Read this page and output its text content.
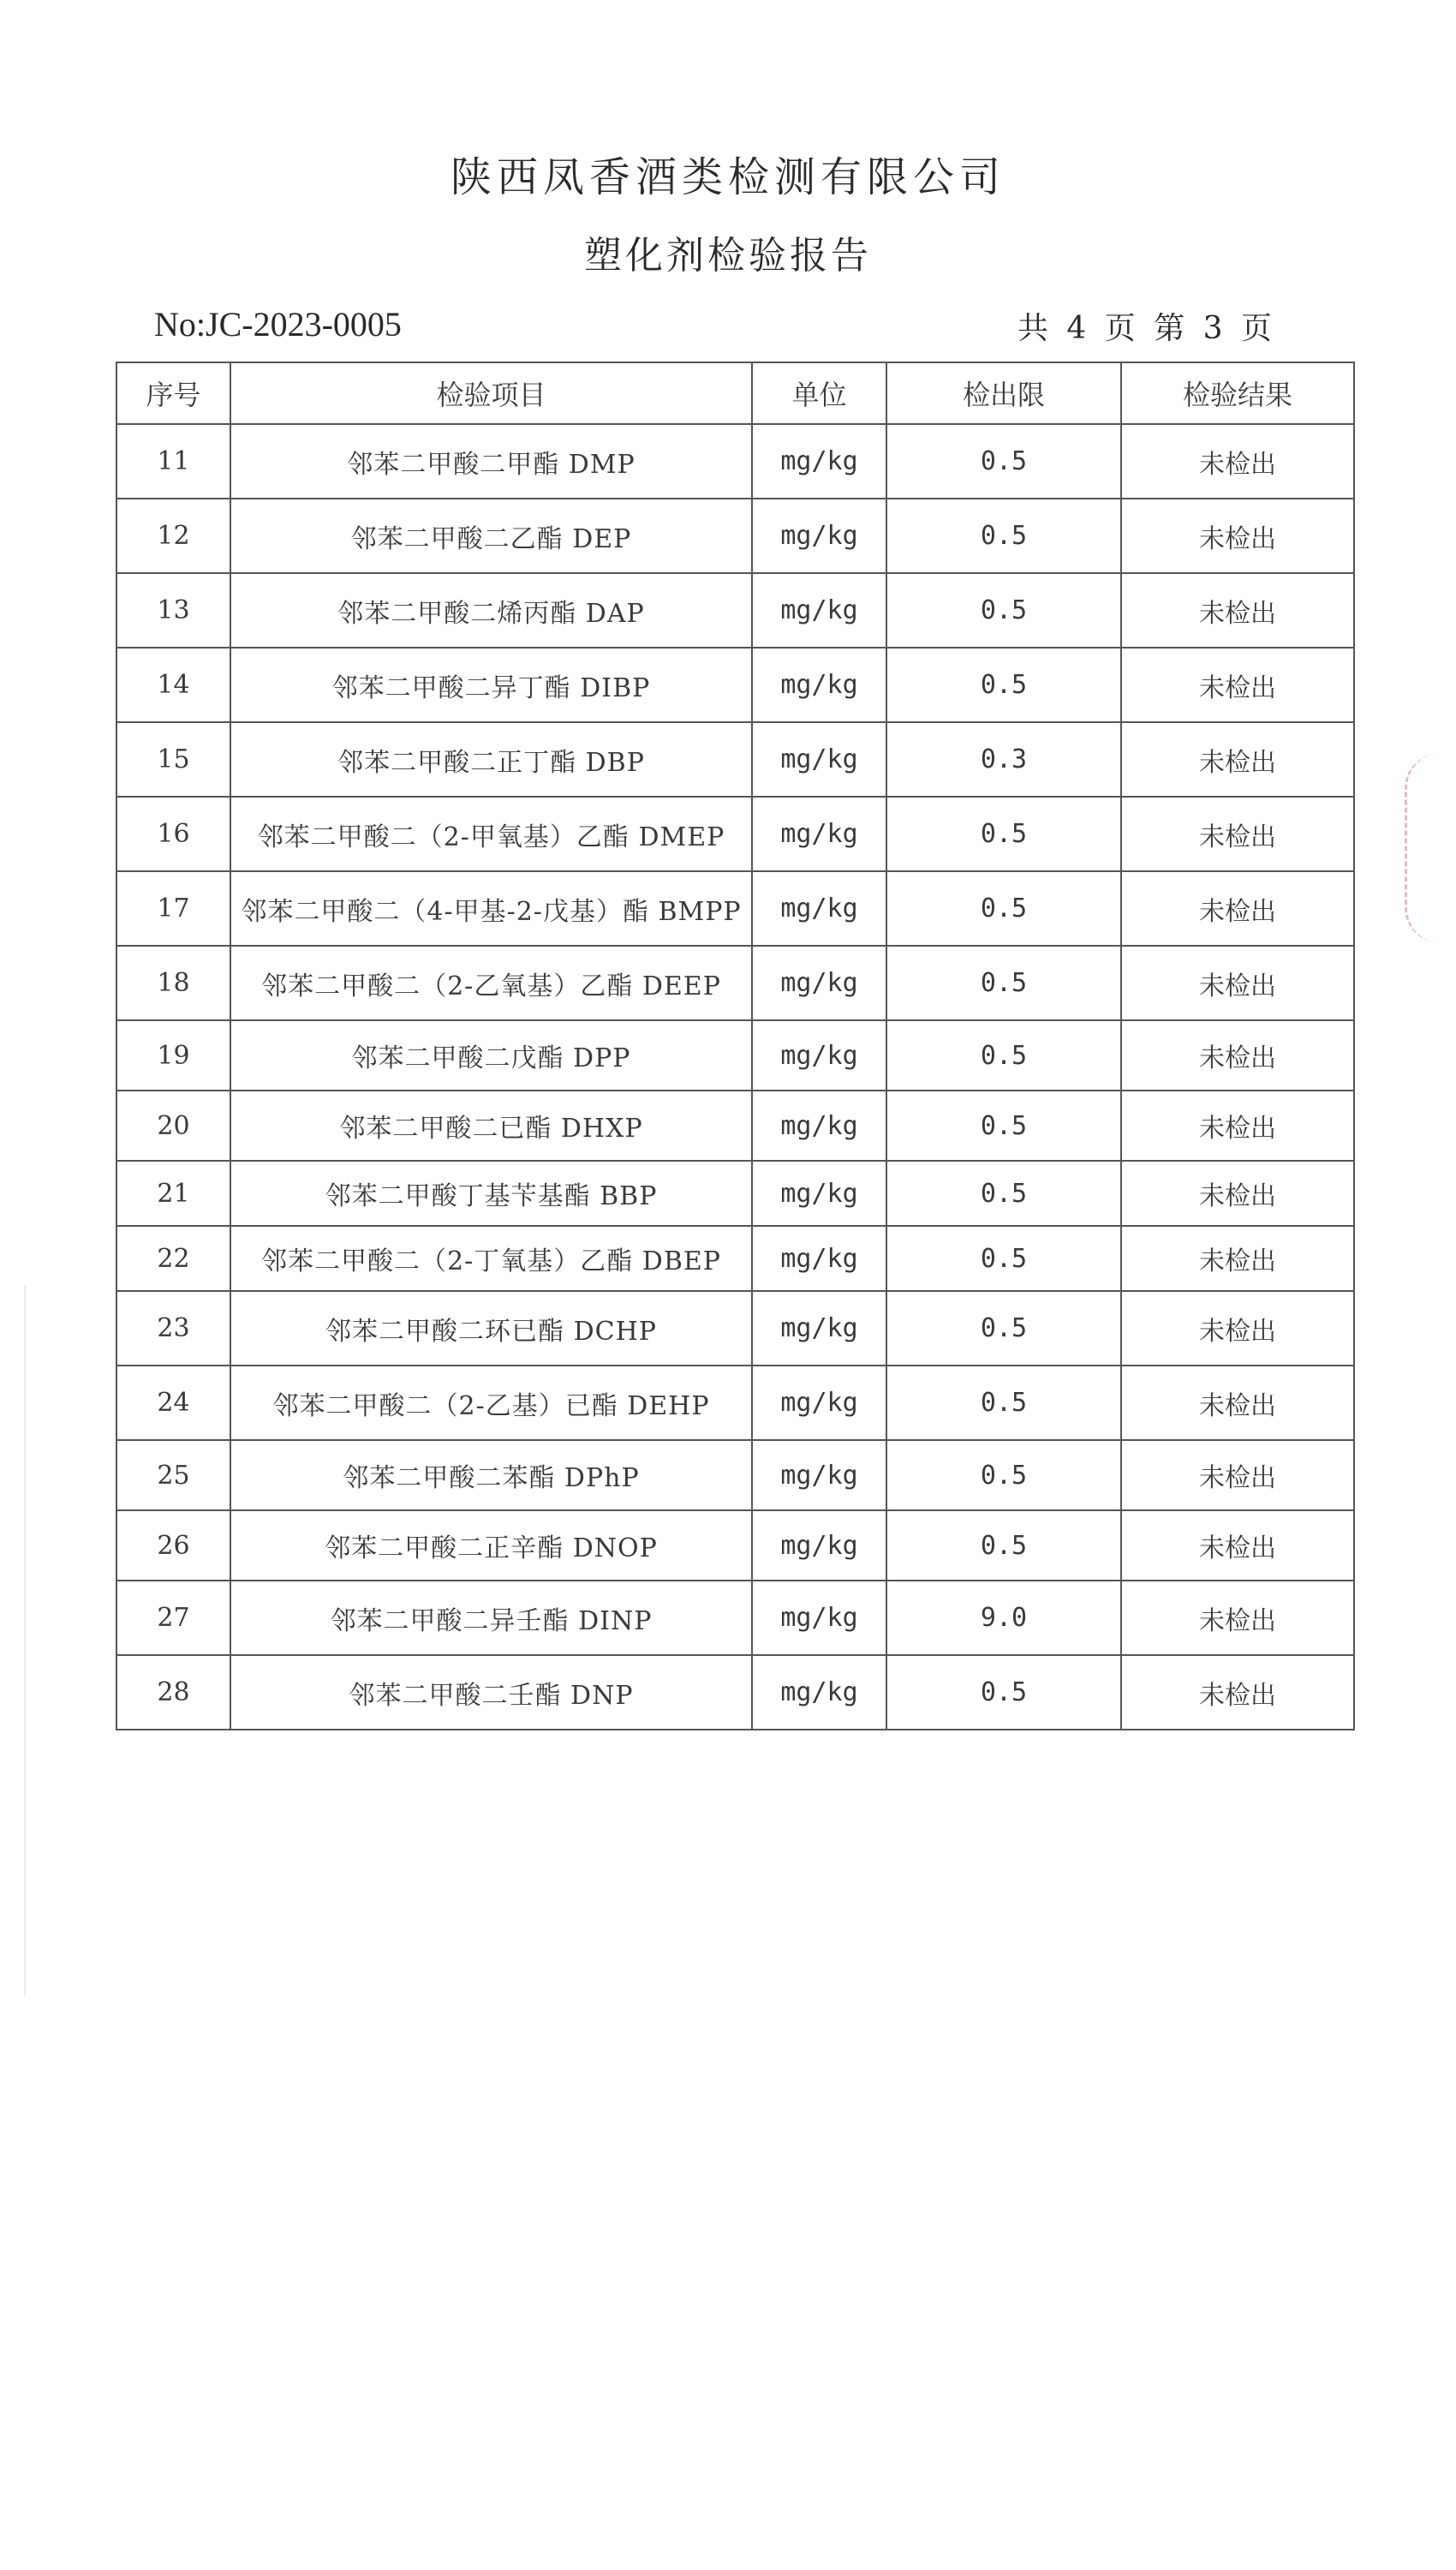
陕西凤香酒类检测有限公司
塑化剂检验报告
No:JC-2023-0005	共 4 页 第 3 页
序号	检验项目	单位	检出限	检验结果
11	邻苯二甲酸二甲酯 DMP	mg/kg	0.5	未检出
12	邻苯二甲酸二乙酯 DEP	mg/kg	0.5	未检出
13	邻苯二甲酸二烯丙酯 DAP	mg/kg	0.5	未检出
14	邻苯二甲酸二异丁酯 DIBP	mg/kg	0.5	未检出
15	邻苯二甲酸二正丁酯 DBP	mg/kg	0.3	未检出
16	邻苯二甲酸二（2-甲氧基）乙酯 DMEP	mg/kg	0.5	未检出
17	邻苯二甲酸二（4-甲基-2-戊基）酯 BMPP	mg/kg	0.5	未检出
18	邻苯二甲酸二（2-乙氧基）乙酯 DEEP	mg/kg	0.5	未检出
19	邻苯二甲酸二戊酯 DPP	mg/kg	0.5	未检出
20	邻苯二甲酸二已酯 DHXP	mg/kg	0.5	未检出
21	邻苯二甲酸丁基苄基酯 BBP	mg/kg	0.5	未检出
22	邻苯二甲酸二（2-丁氧基）乙酯 DBEP	mg/kg	0.5	未检出
23	邻苯二甲酸二环已酯 DCHP	mg/kg	0.5	未检出
24	邻苯二甲酸二（2-乙基）已酯 DEHP	mg/kg	0.5	未检出
25	邻苯二甲酸二苯酯 DPhP	mg/kg	0.5	未检出
26	邻苯二甲酸二正辛酯 DNOP	mg/kg	0.5	未检出
27	邻苯二甲酸二异壬酯 DINP	mg/kg	9.0	未检出
28	邻苯二甲酸二壬酯 DNP	mg/kg	0.5	未检出
